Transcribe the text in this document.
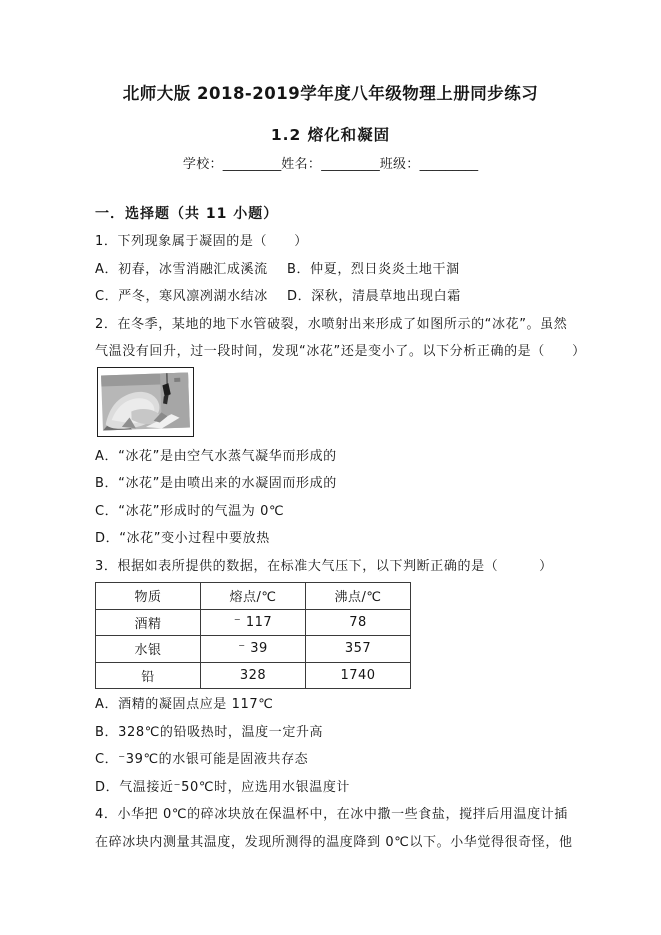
北师大版 2018-2019学年度八年级物理上册同步练习
1.2 熔化和凝固
学校：_________姓名：_________班级：_________

一．选择题（共 11 小题）

1．下列现象属于凝固的是（　　）

A．初春，冰雪消融汇成溪流	B．仲夏，烈日炎炎土地干涸
C．严冬，寒风凛冽湖水结冰	D．深秋，清晨草地出现白霜

2．在冬季，某地的地下水管破裂，水喷射出来形成了如图所示的“冰花”。虽然

气温没有回升，过一段时间，发现“冰花”还是变小了。以下分析正确的是（　　）

A．“冰花”是由空气水蒸气凝华而形成的

B．“冰花”是由喷出来的水凝固而形成的

C．“冰花”形成时的气温为 0℃

D．“冰花”变小过程中要放热

3．根据如表所提供的数据，在标准大气压下，以下判断正确的是（　　　）

物质	熔点/℃	沸点/℃
酒精	⁻ 117	78
水银	⁻ 39	357
铅	328	1740

A．酒精的凝固点应是 117℃

B．328℃的铅吸热时，温度一定升高

C．⁻39℃的水银可能是固液共存态

D．气温接近⁻50℃时，应选用水银温度计

4．小华把 0℃的碎冰块放在保温杯中，在冰中撒一些食盐，搅拌后用温度计插

在碎冰块内测量其温度，发现所测得的温度降到 0℃以下。小华觉得很奇怪，他
